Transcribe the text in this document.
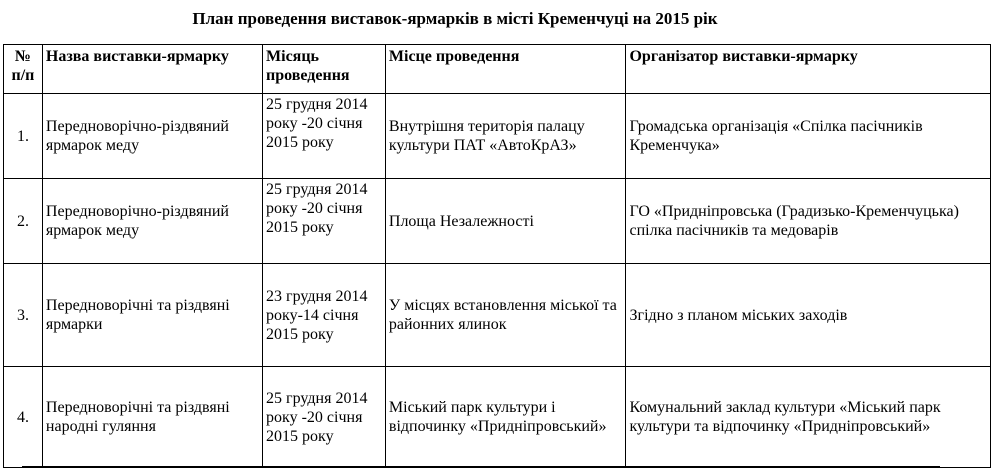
План проведення виставок-ярмарків в місті Кременчуці на 2015 рік
№ п/п	Назва виставки-ярмарку	Місяць проведення	Місце проведення	Організатор виставки-ярмарку
1.	Передноворічно-різдвяний ярмарок меду	25 грудня 2014 року -20 січня 2015 року	Внутрішня територія палацу культури ПАТ «АвтоКрАЗ»	Громадська організація «Спілка пасічників Кременчука»
2.	Передноворічно-різдвяний ярмарок меду	25 грудня 2014 року -20 січня 2015 року	Площа Незалежності	ГО «Придніпровська (Градизько-Кременчуцька) спілка пасічників та медоварів
3.	Передноворічні та різдвяні ярмарки	23 грудня 2014 року-14 січня 2015 року	У місцях встановлення міської та районних ялинок	Згідно з планом міських заходів
4.	Передноворічні та різдвяні народні гуляння	25 грудня 2014 року -20 січня 2015 року	Міський парк культури і відпочинку «Придніпровський»	Комунальний заклад культури «Міський парк культури та відпочинку «Придніпровський»
